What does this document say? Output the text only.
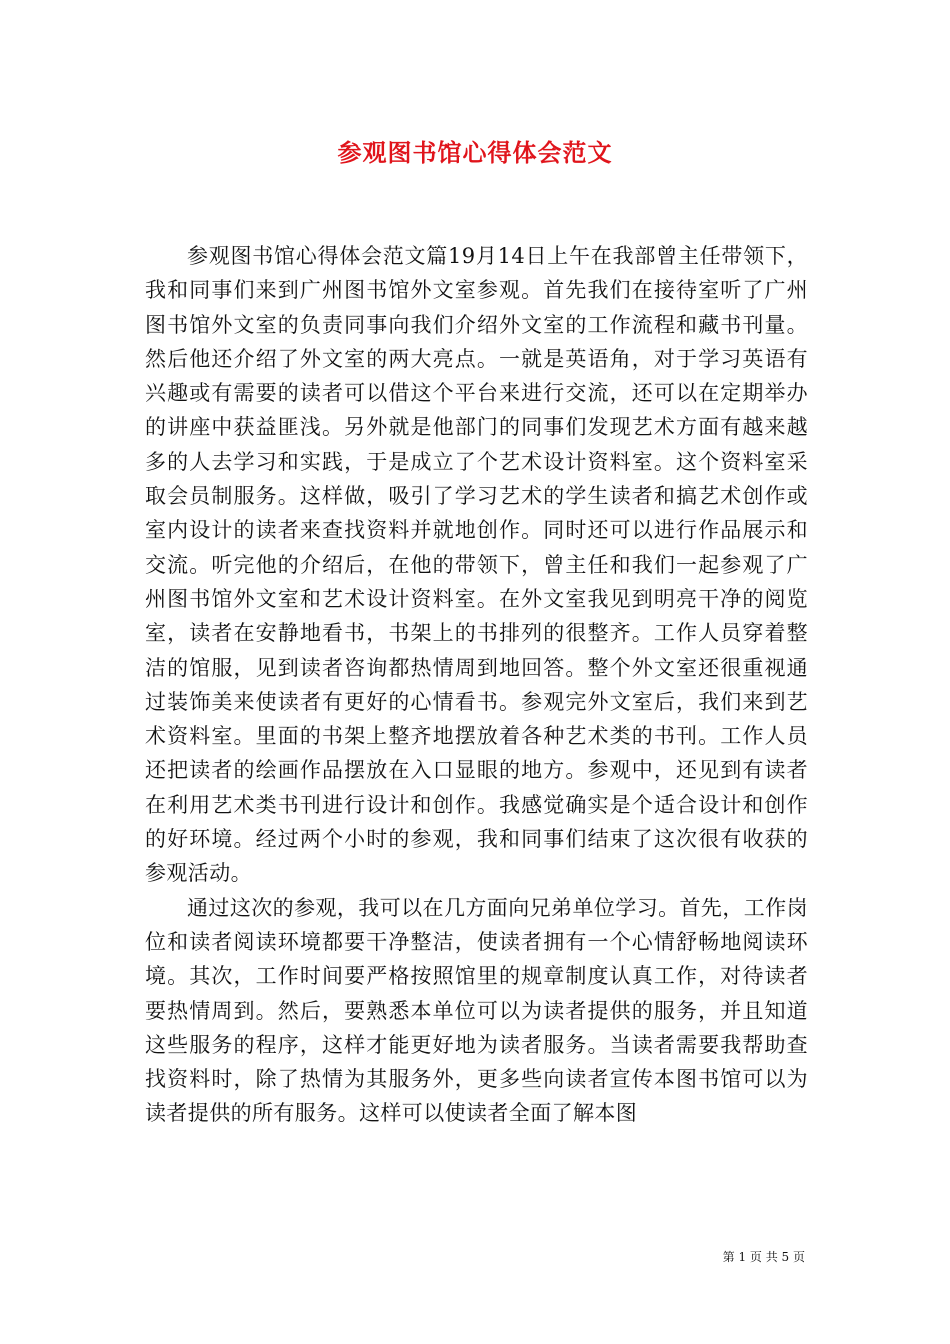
参观图书馆心得体会范文

参观图书馆心得体会范文篇19月14日上午在我部曾主任带领下，我和同事们来到广州图书馆外文室参观。首先我们在接待室听了广州图书馆外文室的负责同事向我们介绍外文室的工作流程和藏书刊量。然后他还介绍了外文室的两大亮点。一就是英语角，对于学习英语有兴趣或有需要的读者可以借这个平台来进行交流，还可以在定期举办的讲座中获益匪浅。另外就是他部门的同事们发现艺术方面有越来越多的人去学习和实践，于是成立了个艺术设计资料室。这个资料室采取会员制服务。这样做，吸引了学习艺术的学生读者和搞艺术创作或室内设计的读者来查找资料并就地创作。同时还可以进行作品展示和交流。听完他的介绍后，在他的带领下，曾主任和我们一起参观了广州图书馆外文室和艺术设计资料室。在外文室我见到明亮干净的阅览室，读者在安静地看书，书架上的书排列的很整齐。工作人员穿着整洁的馆服，见到读者咨询都热情周到地回答。整个外文室还很重视通过装饰美来使读者有更好的心情看书。参观完外文室后，我们来到艺术资料室。里面的书架上整齐地摆放着各种艺术类的书刊。工作人员还把读者的绘画作品摆放在入口显眼的地方。参观中，还见到有读者在利用艺术类书刊进行设计和创作。我感觉确实是个适合设计和创作的好环境。经过两个小时的参观，我和同事们结束了这次很有收获的参观活动。

通过这次的参观，我可以在几方面向兄弟单位学习。首先，工作岗位和读者阅读环境都要干净整洁，使读者拥有一个心情舒畅地阅读环境。其次，工作时间要严格按照馆里的规章制度认真工作，对待读者要热情周到。然后，要熟悉本单位可以为读者提供的服务，并且知道这些服务的程序，这样才能更好地为读者服务。当读者需要我帮助查找资料时，除了热情为其服务外，更多些向读者宣传本图书馆可以为读者提供的所有服务。这样可以使读者全面了解本图

第 1 页 共 5 页
